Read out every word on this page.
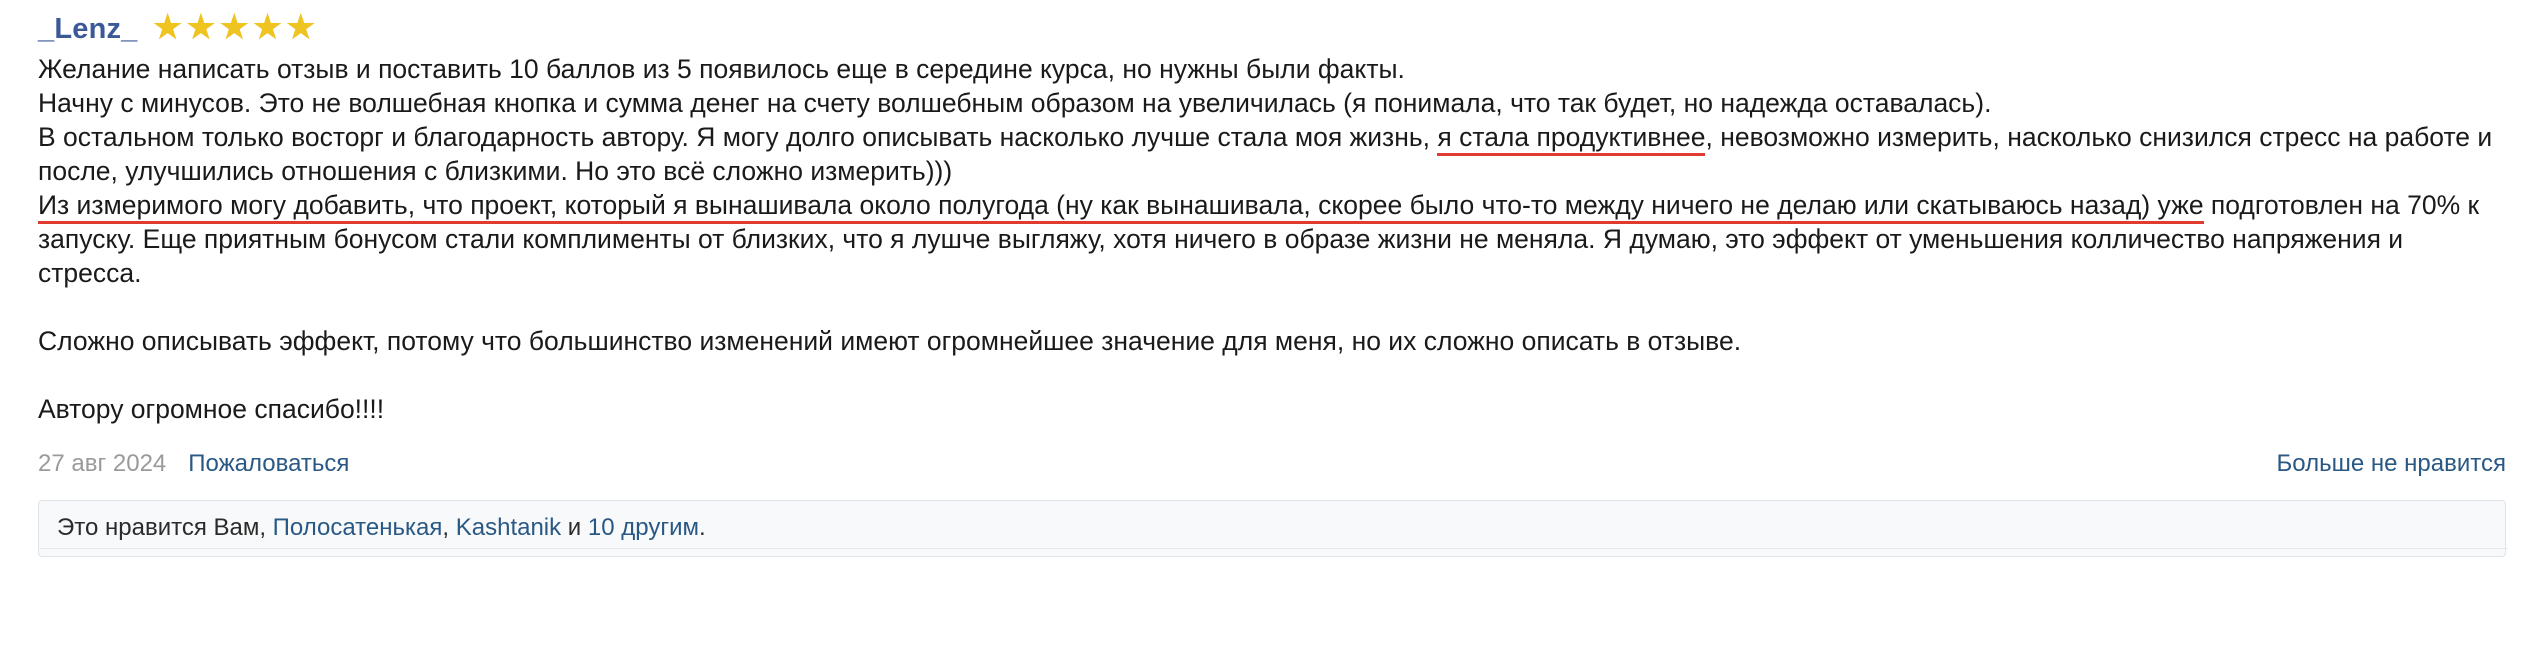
_Lenz_ ★ ★ ★ ★ ★

Желание написать отзыв и поставить 10 баллов из 5 появилось еще в середине курса, но нужны были факты.

Начну с минусов. Это не волшебная кнопка и сумма денег на счету волшебным образом на увеличилась (я понимала, что так будет, но надежда оставалась).

В остальном только восторг и благодарность автору. Я могу долго описывать насколько лучше стала моя жизнь, я стала продуктивнее, невозможно измерить, насколько снизился стресс на работе и после, улучшились отношения с близкими. Но это всё сложно измерить)))

Из измеримого могу добавить, что проект, который я вынашивала около полугода (ну как вынашивала, скорее было что-то между ничего не делаю или скатываюсь назад) уже подготовлен на 70% к запуску. Еще приятным бонусом стали комплименты от близких, что я лушче выгляжу, хотя ничего в образе жизни не меняла. Я думаю, это эффект от уменьшения колличество напряжения и стресса.

Сложно описывать эффект, потому что большинство изменений имеют огромнейшее значение для меня, но их сложно описать в отзыве.

Автору огромное спасибо!!!!

27 авг 2024 Пожаловаться	Больше не нравится
Это нравится Вам, Полосатенькая, Kashtanik и 10 другим.
